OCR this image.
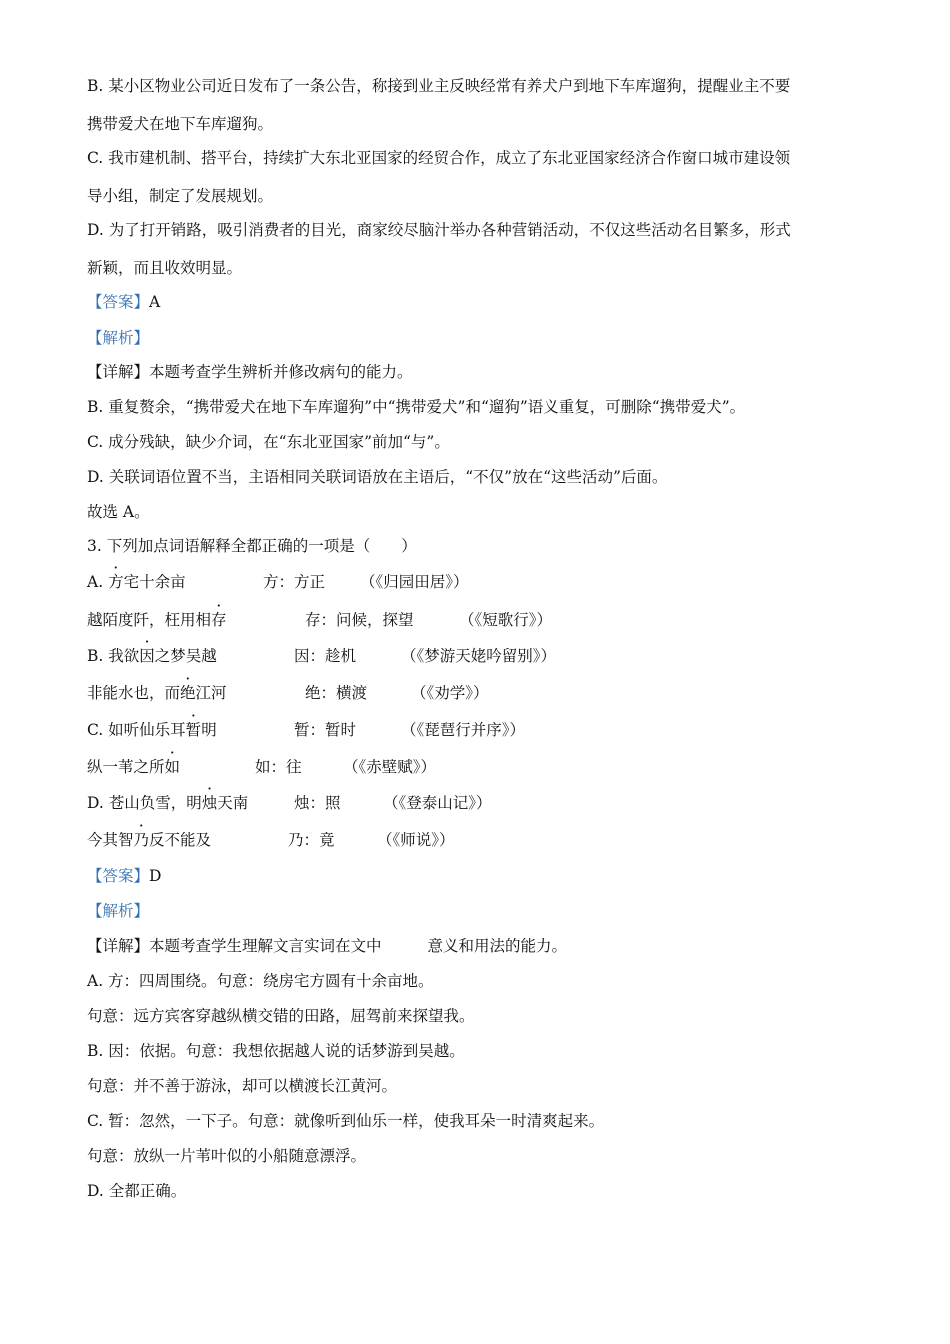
B. 某小区物业公司近日发布了一条公告，称接到业主反映经常有养犬户到地下车库遛狗，提醒业主不要
携带爱犬在地下车库遛狗。
C. 我市建机制、搭平台，持续扩大东北亚国家的经贸合作，成立了东北亚国家经济合作窗口城市建设领
导小组，制定了发展规划。
D. 为了打开销路，吸引消费者的目光，商家绞尽脑汁举办各种营销活动，不仅这些活动名目繁多，形式
新颖，而且收效明显。
【答案】A
【解析】
【详解】本题考查学生辨析并修改病句的能力。
B. 重复赘余，“携带爱犬在地下车库遛狗”中“携带爱犬”和“遛狗”语义重复，可删除“携带爱犬”。
C. 成分残缺，缺少介词，在“东北亚国家”前加“与”。
D. 关联词语位置不当，主语相同关联词语放在主语后，“不仅”放在“这些活动”后面。
故选 A。
3. 下列加点词语解释全都正确的一项是（　　）
A. 方宅十余亩	方：方正 （《归园田居》）
越陌度阡，枉用相存	存：问候，探望	（《短歌行》）
B. 我欲因之梦吴越	因：趁机	（《梦游天姥吟留别》）
非能水也，而绝江河	绝：横渡	（《劝学》）
C. 如听仙乐耳暂明	暂：暂时	（《琵琶行并序》）
纵一苇之所如	如：往	（《赤壁赋》）
D. 苍山负雪，明烛天南	烛：照	（《登泰山记》）
今其智乃反不能及	乃：竟	（《师说》）
【答案】D
【解析】
【详解】本题考查学生理解文言实词在文中	意义和用法的能力。
A. 方：四周围绕。句意：绕房宅方圆有十余亩地。
句意：远方宾客穿越纵横交错的田路，屈驾前来探望我。
B. 因：依据。句意：我想依据越人说的话梦游到吴越。
句意：并不善于游泳，却可以横渡长江黄河。
C. 暂：忽然，一下子。句意：就像听到仙乐一样，使我耳朵一时清爽起来。
句意：放纵一片苇叶似的小船随意漂浮。
D. 全都正确。
